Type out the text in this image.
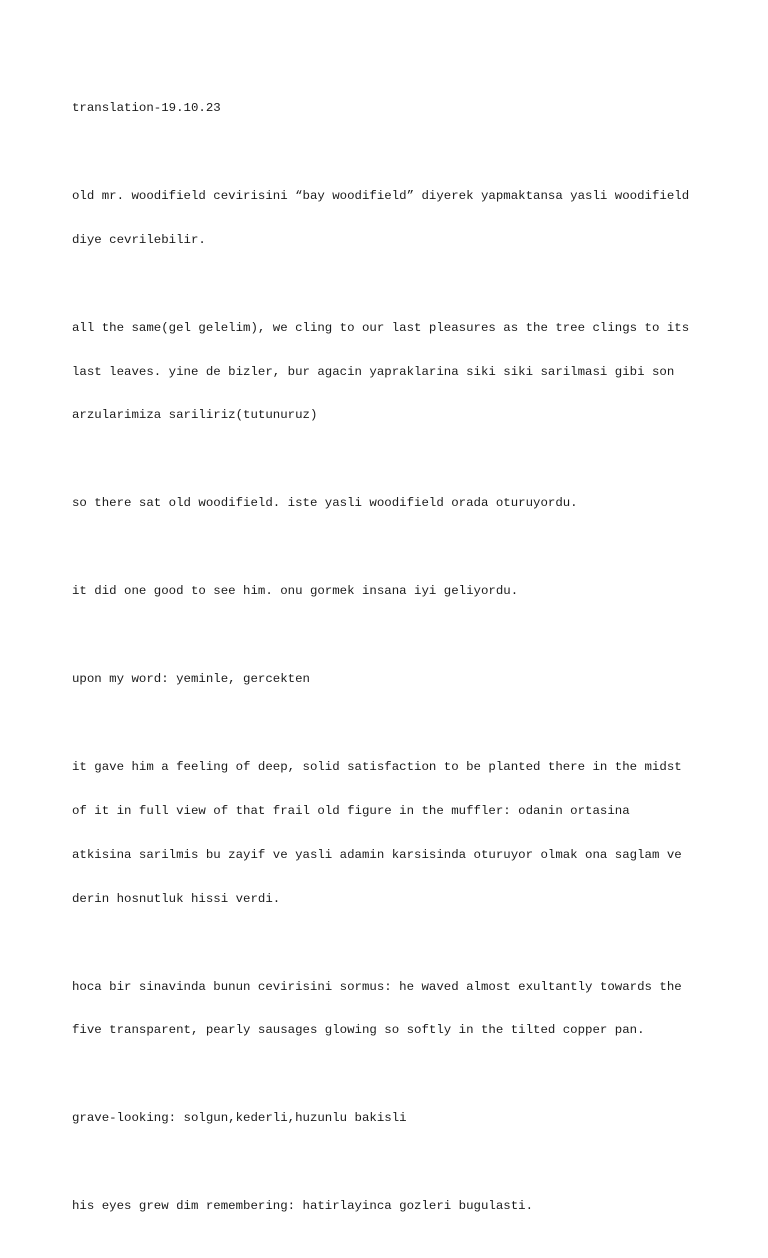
translation-19.10.23

old mr. woodifield cevirisini “bay woodifield” diyerek yapmaktansa yasli woodifield

diye cevrilebilir.

all the same(gel gelelim), we cling to our last pleasures as the tree clings to its

last leaves. yine de bizler, bur agacin yapraklarina siki siki sarilmasi gibi son

arzularimiza sariliriz(tutunuruz)

so there sat old woodifield. iste yasli woodifield orada oturuyordu.

it did one good to see him. onu gormek insana iyi geliyordu.

upon my word: yeminle, gercekten

it gave him a feeling of deep, solid satisfaction to be planted there in the midst

of it in full view of that frail old figure in the muffler: odanin ortasina

atkisina sarilmis bu zayif ve yasli adamin karsisinda oturuyor olmak ona saglam ve

derin hosnutluk hissi verdi.

hoca bir sinavinda bunun cevirisini sormus: he waved almost exultantly towards the

five transparent, pearly sausages glowing so softly in the tilted copper pan.

grave-looking: solgun,kederli,huzunlu bakisli

his eyes grew dim remembering: hatirlayinca gozleri bugulasti.
